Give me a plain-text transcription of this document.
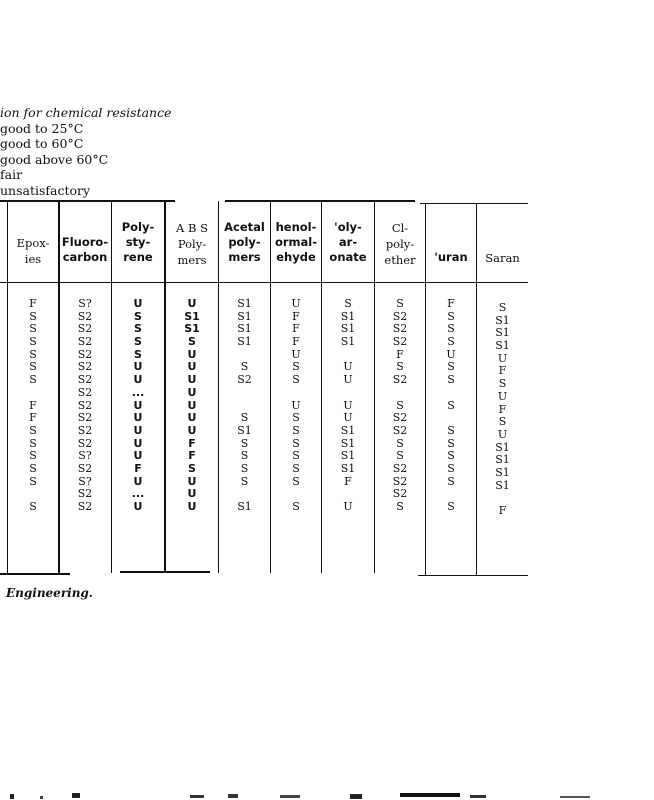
ion for chemical resistance
good to 25°C
good to 60°C
good above 60°C
fair
unsatisfactory
Epox-
ies
Fluoro-
carbon
Poly-
sty-
rene
A B S
Poly-
mers
Acetal
poly-
mers
henol-
ormal-
ehyde
'oly-
ar-
onate
Cl-
poly-
ether	'uran	Saran
F
S
S
S
S
S
S
F
F
S
S
S
S
S
S
S?
S2
S2
S2
S2
S2
S2
S2
S2
S2
S2
S2
S?
S2
S?
S2
S2
U
S
S
S
S
U
U
...
U
U
U
U
U
F
U
...
U
U
S1
S1
S
U
U
U
U
U
U
U
F
F
S
U
U
U
S1
S1
S1
S1
S
S2
S
S1
S
S
S
S
S1
U
F
F
F
U
S
S
U
S
S
S
S
S
S
S
S
S1
S1
S1
U
U
U
U
S1
S1
S1
S1
F
U
S
S2
S2
S2
F
S
S2
S
S2
S2
S
S
S2
S2
S2
S
F
S
S
S
U
S
S
S
S
S
S
S
S
S
S
S1
S1
S1
U
F
S
U
F
S
U
S1
S1
S1
S1
F
Engineering.
